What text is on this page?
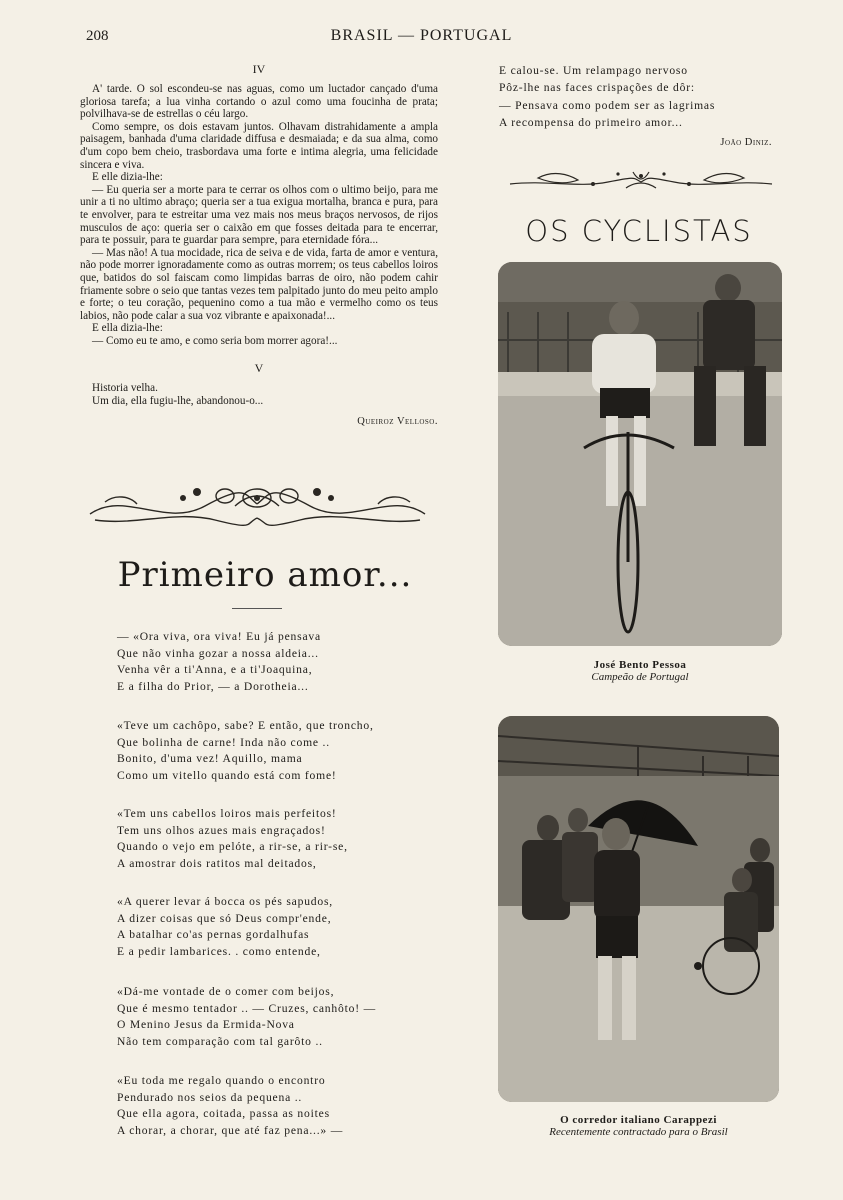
208	BRASIL — PORTUGAL
IV

A' tarde. O sol escondeu-se nas aguas, como um luctador cançado d'uma gloriosa tarefa; a lua vinha cortando o azul como uma foucinha de prata; polvilhava-se de estrellas o céu largo.

Como sempre, os dois estavam juntos. Olhavam distrahidamente a ampla paisagem, banhada d'uma claridade diffusa e desmaiada; e da sua alma, como d'um copo bem cheio, trasbordava uma forte e intima alegria, uma felicidade sincera e viva.

E elle dizia-lhe:

— Eu queria ser a morte para te cerrar os olhos com o ultimo beijo, para me unir a ti no ultimo abraço; queria ser a tua exigua mortalha, branca e pura, para te envolver, para te estreitar uma vez mais nos meus braços nervosos, de rijos musculos de aço: queria ser o caixão em que fosses deitada para te encerrar, para te possuir, para te guardar para sempre, para eternidade fóra...

— Mas não! A tua mocidade, rica de seiva e de vida, farta de amor e ventura, não pode morrer ignoradamente como as outras morrem; os teus cabellos loiros que, batidos do sol faiscam como limpidas barras de oiro, não podem cahir friamente sobre o seio que tantas vezes tem palpitado junto do meu peito amplo e forte; o teu coração, pequenino como a tua mão e vermelho como os teus labios, não pode calar a sua voz vibrante e apaixonada!...

E ella dizia-lhe:

— Como eu te amo, e como seria bom morrer agora!...

V

Historia velha.

Um dia, ella fugiu-lhe, abandonou-o...

Queiroz Velloso.
Primeiro amor...
— «Ora viva, ora viva! Eu já pensava
Que não vinha gozar a nossa aldeia...
Venha vêr a ti'Anna, e a ti'Joaquina,
E a filha do Prior, — a Dorotheia...
«Teve um cachôpo, sabe? E então, que troncho,
Que bolinha de carne! Inda não come ..
Bonito, d'uma vez! Aquillo, mama
Como um vitello quando está com fome!
«Tem uns cabellos loiros mais perfeitos!
Tem uns olhos azues mais engraçados!
Quando o vejo em pelóte, a rir-se, a rir-se,
A amostrar dois ratitos mal deitados,
«A querer levar á bocca os pés sapudos,
A dizer coisas que só Deus compr'ende,
A batalhar co'as pernas gordalhufas
E a pedir lambarices. . como entende,
«Dá-me vontade de o comer com beijos,
Que é mesmo tentador .. — Cruzes, canhôto! —
O Menino Jesus da Ermida-Nova
Não tem comparação com tal garôto ..
«Eu toda me regalo quando o encontro
Pendurado nos seios da pequena ..
Que ella agora, coitada, passa as noites
A chorar, a chorar, que até faz pena...» —
E calou-se. Um relampago nervoso
Pôz-lhe nas faces crispações de dôr:
— Pensava como podem ser as lagrimas
A recompensa do primeiro amor...
João Diniz.
OS CYCLISTAS
José Bento Pessoa
Campeão de Portugal
O corredor italiano Carappezi
Recentemente contractado para o Brasil
